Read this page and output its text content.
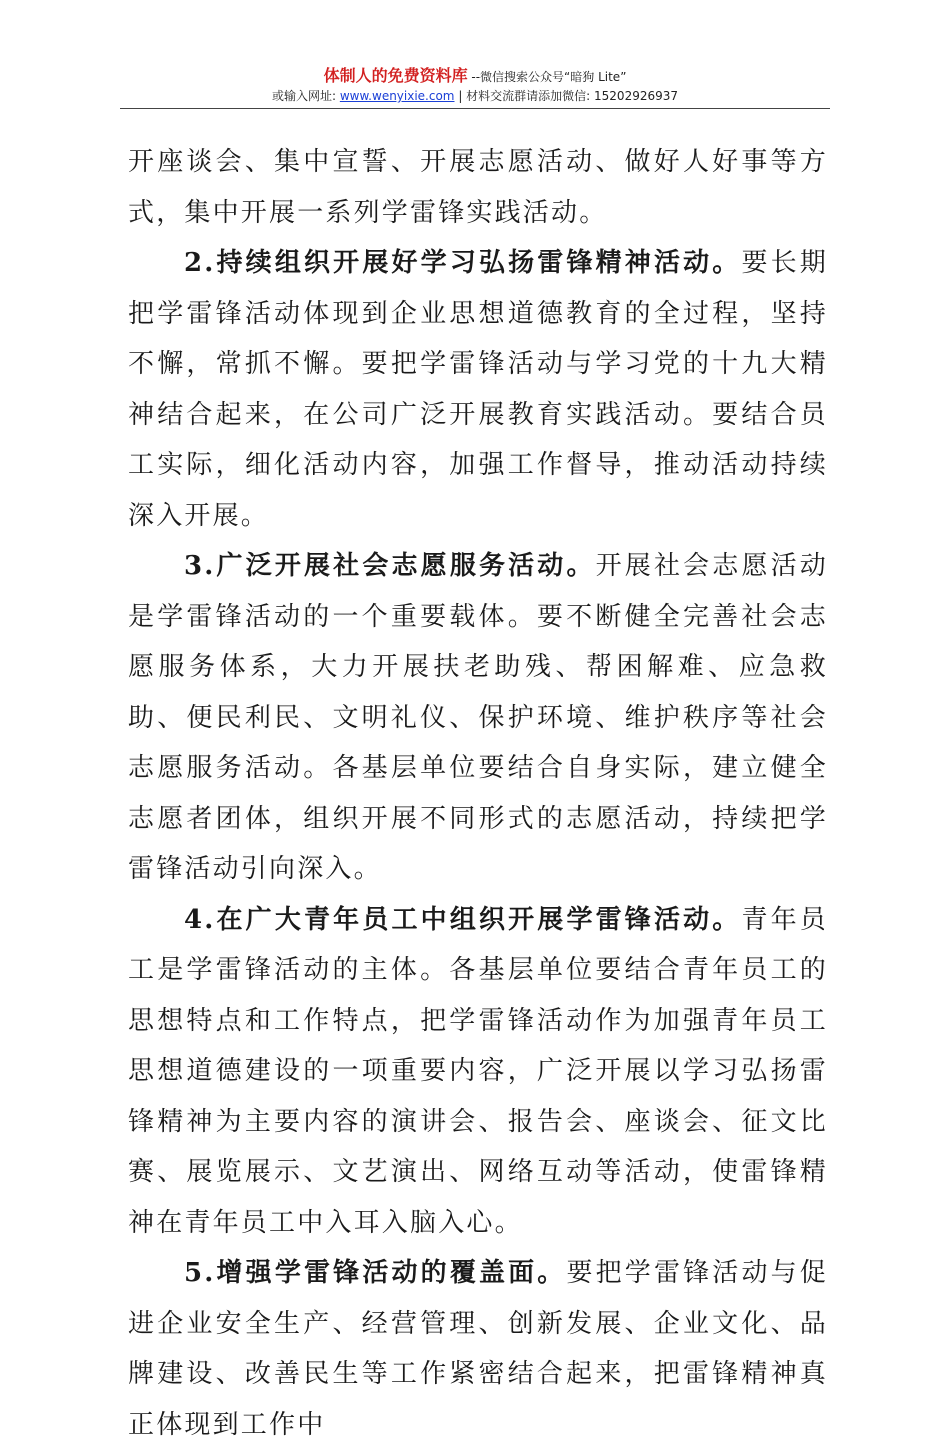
体制人的免费资料库 --微信搜索公众号“暗狗 Lite”
或输入网址: www.wenyixie.com | 材料交流群请添加微信: 15202926937

开座谈会、集中宣誓、开展志愿活动、做好人好事等方式，集中开展一系列学雷锋实践活动。

2.持续组织开展好学习弘扬雷锋精神活动。要长期把学雷锋活动体现到企业思想道德教育的全过程，坚持不懈，常抓不懈。要把学雷锋活动与学习党的十九大精神结合起来，在公司广泛开展教育实践活动。要结合员工实际，细化活动内容，加强工作督导，推动活动持续深入开展。

3.广泛开展社会志愿服务活动。开展社会志愿活动是学雷锋活动的一个重要载体。要不断健全完善社会志愿服务体系，大力开展扶老助残、帮困解难、应急救助、便民利民、文明礼仪、保护环境、维护秩序等社会志愿服务活动。各基层单位要结合自身实际，建立健全志愿者团体，组织开展不同形式的志愿活动，持续把学雷锋活动引向深入。

4.在广大青年员工中组织开展学雷锋活动。青年员工是学雷锋活动的主体。各基层单位要结合青年员工的思想特点和工作特点，把学雷锋活动作为加强青年员工思想道德建设的一项重要内容，广泛开展以学习弘扬雷锋精神为主要内容的演讲会、报告会、座谈会、征文比赛、展览展示、文艺演出、网络互动等活动，使雷锋精神在青年员工中入耳入脑入心。

5.增强学雷锋活动的覆盖面。要把学雷锋活动与促进企业安全生产、经营管理、创新发展、企业文化、品牌建设、改善民生等工作紧密结合起来，把雷锋精神真正体现到工作中
